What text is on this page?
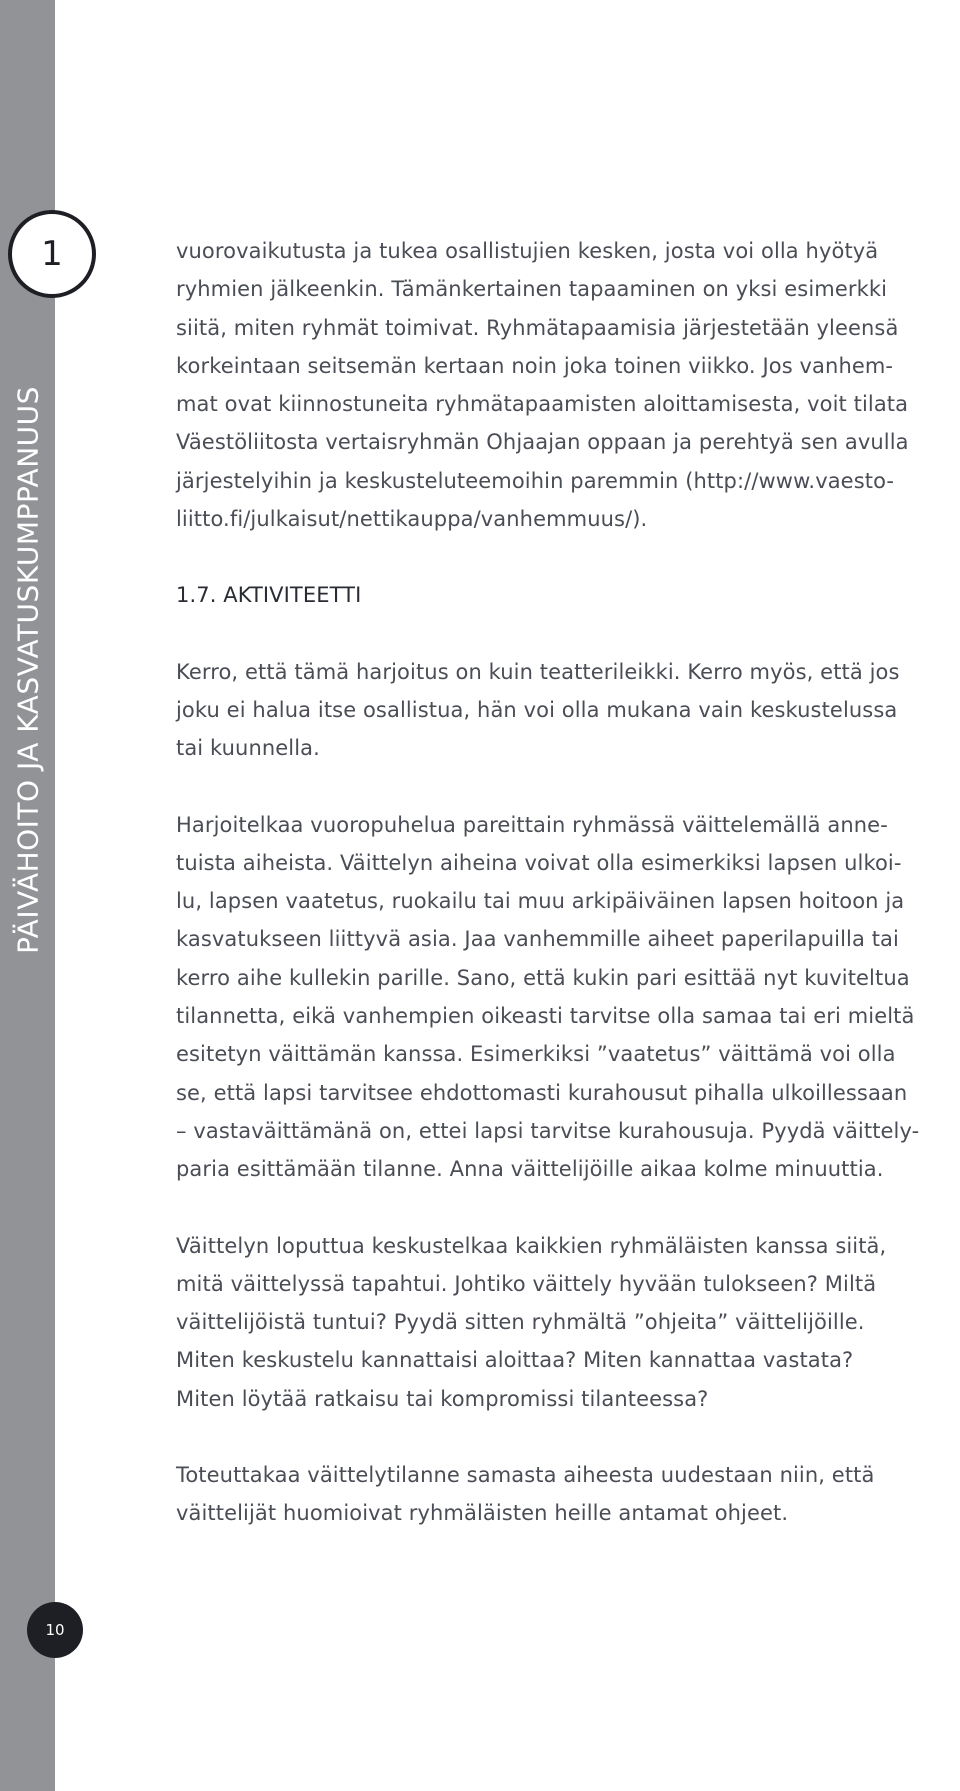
PÄIVÄHOITO JA KASVATUSKUMPPANUUS
1
10
vuorovaikutusta ja tukea osallistujien kesken, josta voi olla hyötyä
ryhmien jälkeenkin. Tämänkertainen tapaaminen on yksi esimerkki
siitä, miten ryhmät toimivat. Ryhmätapaamisia järjestetään yleensä
korkeintaan seitsemän kertaan noin joka toinen viikko. Jos vanhem-
mat ovat kiinnostuneita ryhmätapaamisten aloittamisesta, voit tilata
Väestöliitosta vertaisryhmän Ohjaajan oppaan ja perehtyä sen avulla
järjestelyihin ja keskusteluteemoihin paremmin (http://www.vaesto-
liitto.fi/julkaisut/nettikauppa/vanhemmuus/).
1.7. AKTIVITEETTI
Kerro, että tämä harjoitus on kuin teatterileikki. Kerro myös, että jos
joku ei halua itse osallistua, hän voi olla mukana vain keskustelussa
tai kuunnella.
Harjoitelkaa vuoropuhelua pareittain ryhmässä väittelemällä anne-
tuista aiheista. Väittelyn aiheina voivat olla esimerkiksi lapsen ulkoi-
lu, lapsen vaatetus, ruokailu tai muu arkipäiväinen lapsen hoitoon ja
kasvatukseen liittyvä asia. Jaa vanhemmille aiheet paperilapuilla tai
kerro aihe kullekin parille. Sano, että kukin pari esittää nyt kuviteltua
tilannetta, eikä vanhempien oikeasti tarvitse olla samaa tai eri mieltä
esitetyn väittämän kanssa. Esimerkiksi ”vaatetus” väittämä voi olla
se, että lapsi tarvitsee ehdottomasti kurahousut pihalla ulkoillessaan
– vastaväittämänä on, ettei lapsi tarvitse kurahousuja. Pyydä väittely-
paria esittämään tilanne. Anna väittelijöille aikaa kolme minuuttia.
Väittelyn loputtua keskustelkaa kaikkien ryhmäläisten kanssa siitä,
mitä väittelyssä tapahtui. Johtiko väittely hyvään tulokseen? Miltä
väittelijöistä tuntui? Pyydä sitten ryhmältä ”ohjeita” väittelijöille.
Miten keskustelu kannattaisi aloittaa? Miten kannattaa vastata?
Miten löytää ratkaisu tai kompromissi tilanteessa?
Toteuttakaa väittelytilanne samasta aiheesta uudestaan niin, että
väittelijät huomioivat ryhmäläisten heille antamat ohjeet.
